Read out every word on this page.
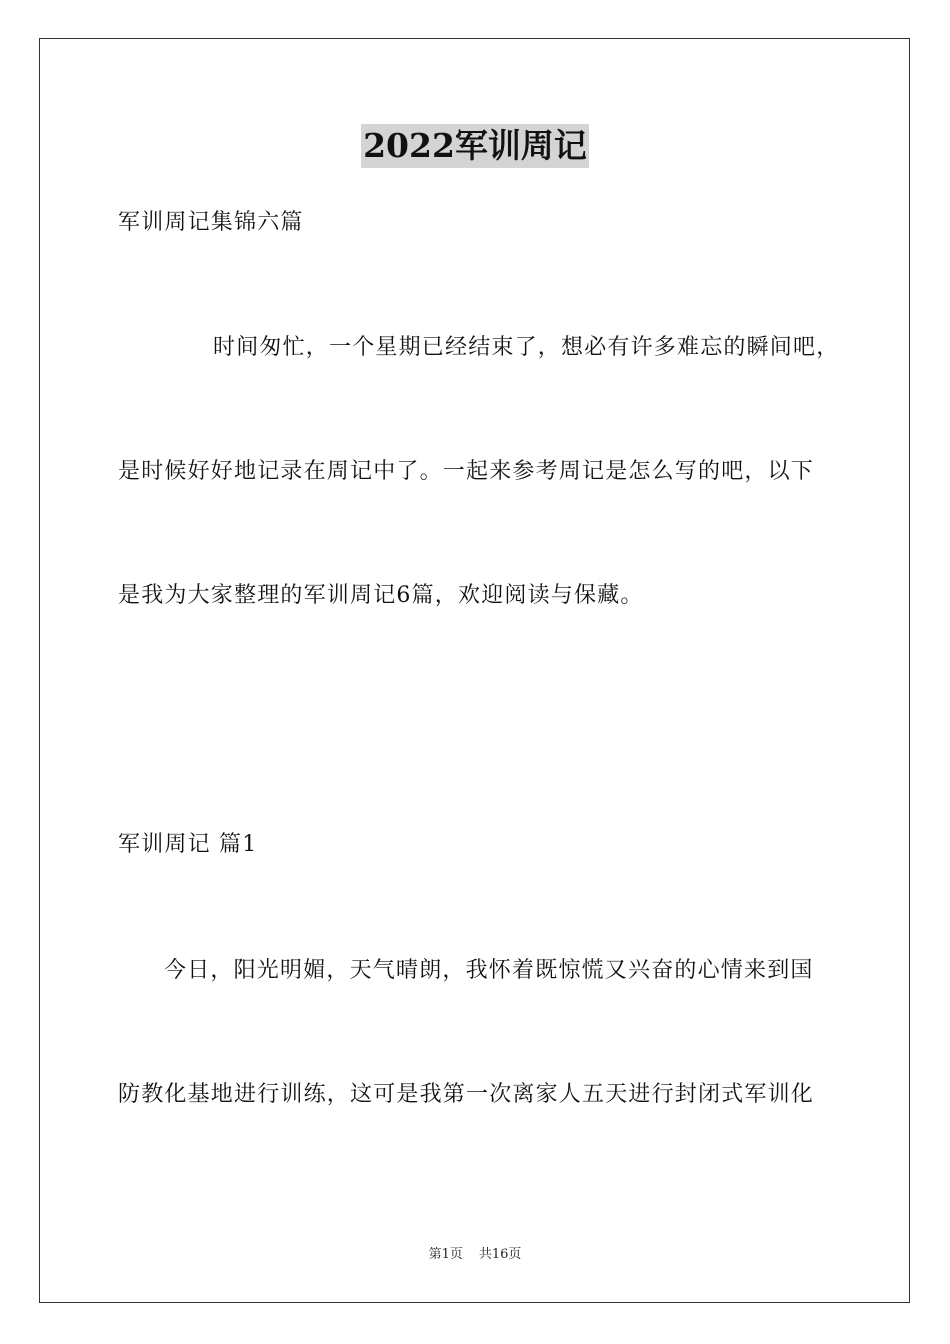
2022军训周记
军训周记集锦六篇
时间匆忙，一个星期已经结束了，想必有许多难忘的瞬间吧，
是时候好好地记录在周记中了。一起来参考周记是怎么写的吧，以下
是我为大家整理的军训周记6篇，欢迎阅读与保藏。
军训周记 篇1
今日，阳光明媚，天气晴朗，我怀着既惊慌又兴奋的心情来到国
防教化基地进行训练，这可是我第一次离家人五天进行封闭式军训化
第1页 共16页
